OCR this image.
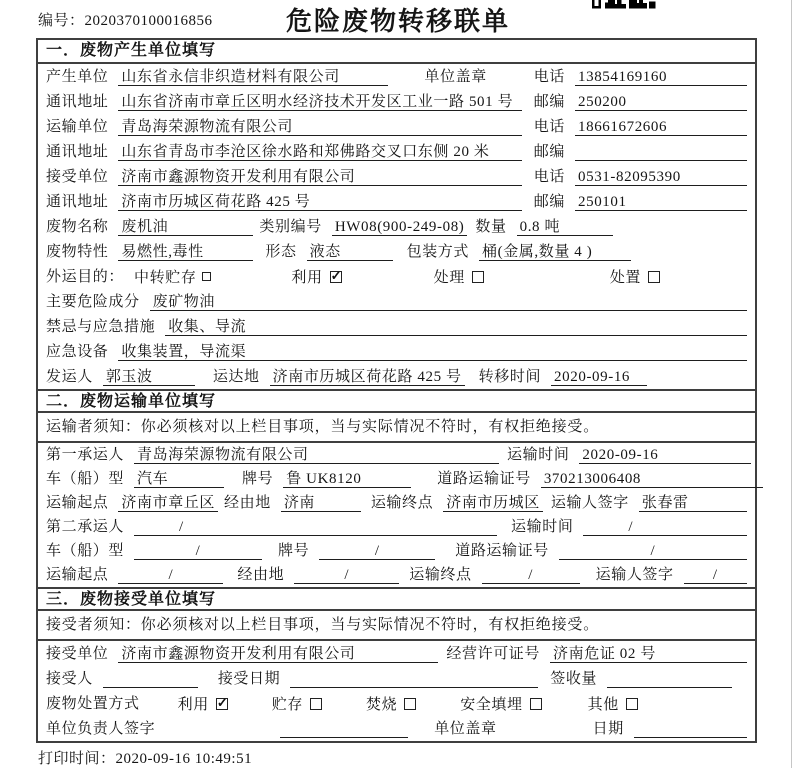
编号：2020370100016856	危险废物转移联单
一．废物产生单位填写
产生单位 山东省永信非织造材料有限公司	单位盖章	电话 13854169160
通讯地址 山东省济南市章丘区明水经济技术开发区工业一路 501 号	邮编 250200
运输单位 青岛海荣源物流有限公司	电话 18661672606
通讯地址 山东省青岛市李沧区徐水路和郑佛路交叉口东侧 20 米	邮编
接受单位 济南市鑫源物资开发利用有限公司	电话 0531-82095390
通讯地址 济南市历城区荷花路 425 号	邮编 250101
废物名称 废机油	类别编号 HW08(900-249-08) 数量 0.8 吨
废物特性 易燃性,毒性	形态 液态	包装方式 桶(金属,数量 4 )
外运目的： 中转贮存	利用 ✓	处理	处置
主要危险成分 废矿物油
禁忌与应急措施 收集、导流
应急设备 收集装置，导流渠
发运人 郭玉波	运达地 济南市历城区荷花路 425 号 转移时间 2020-09-16
二．废物运输单位填写
运输者须知：你必须核对以上栏目事项，当与实际情况不符时，有权拒绝接受。
第一承运人 青岛海荣源物流有限公司	运输时间 2020-09-16
车（船）型 汽车	牌号 鲁 UK8120	道路运输证号 370213006408
运输起点 济南市章丘区 经由地 济南	运输终点 济南市历城区 运输人签字 张春雷
第二承运人	/	运输时间	/
车（船）型	/	牌号	/	道路运输证号	/
运输起点	/	经由地	/	运输终点	/	运输人签字	/
三．废物接受单位填写
接受者须知：你必须核对以上栏目事项，当与实际情况不符时，有权拒绝接受。
接受单位 济南市鑫源物资开发利用有限公司	经营许可证号 济南危证 02 号
接受人	接受日期	签收量
废物处置方式	利用 ✓	贮存	焚烧	安全填埋	其他
单位负责人签字	单位盖章	日期
打印时间：2020-09-16 10:49:51
